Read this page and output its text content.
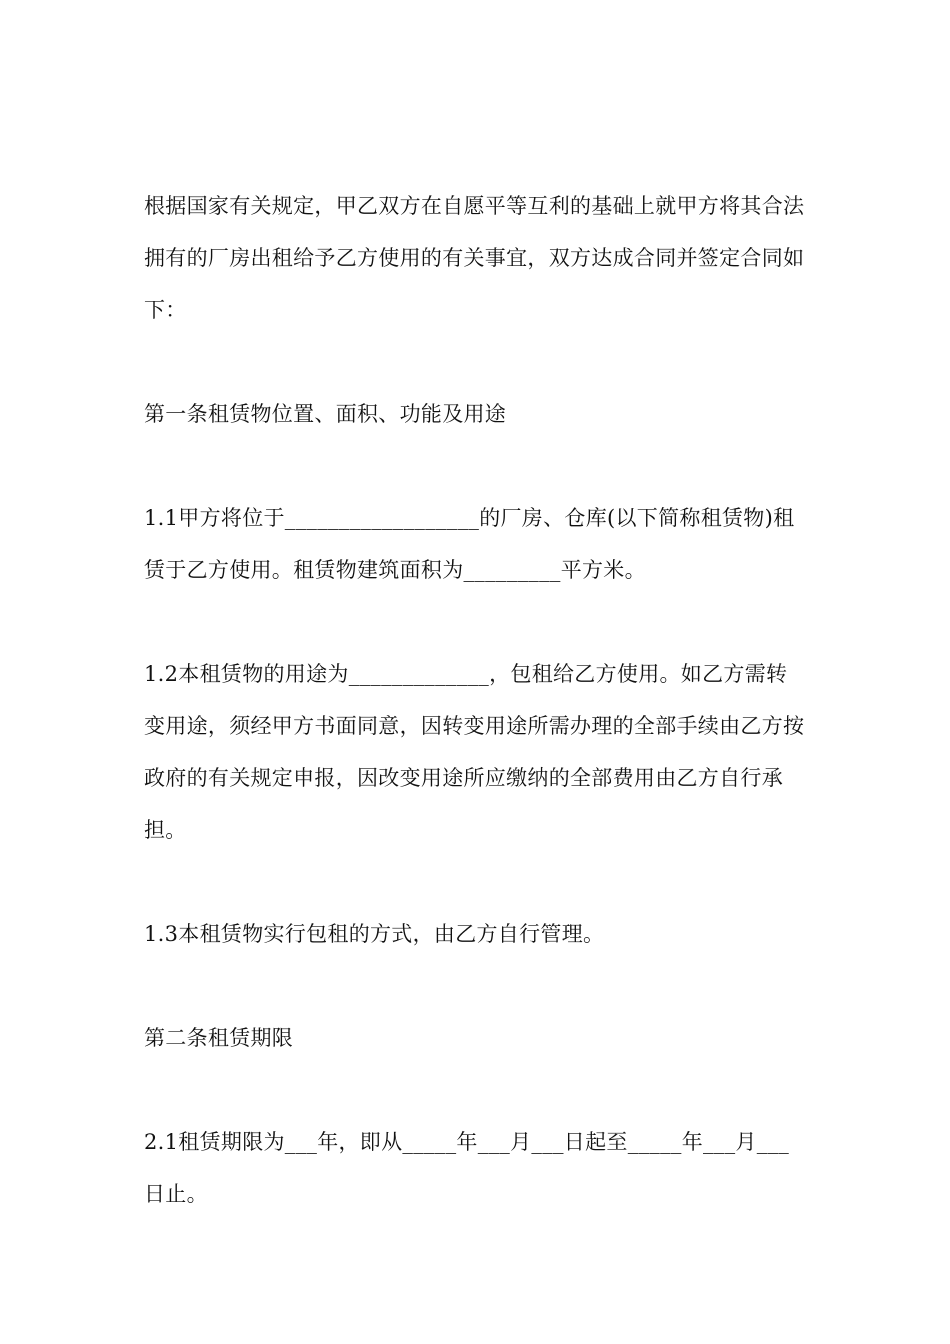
根据国家有关规定，甲乙双方在自愿平等互利的基础上就甲方将其合法拥有的厂房出租给予乙方使用的有关事宜，双方达成合同并签定合同如下：

第一条租赁物位置、面积、功能及用途

1.1甲方将位于__________________的厂房、仓库(以下简称租赁物)租赁于乙方使用。租赁物建筑面积为_________平方米。

1.2本租赁物的用途为_____________，包租给乙方使用。如乙方需转变用途，须经甲方书面同意，因转变用途所需办理的全部手续由乙方按政府的有关规定申报，因改变用途所应缴纳的全部费用由乙方自行承担。

1.3本租赁物实行包租的方式，由乙方自行管理。

第二条租赁期限

2.1租赁期限为___年，即从_____年___月___日起至_____年___月___日止。
